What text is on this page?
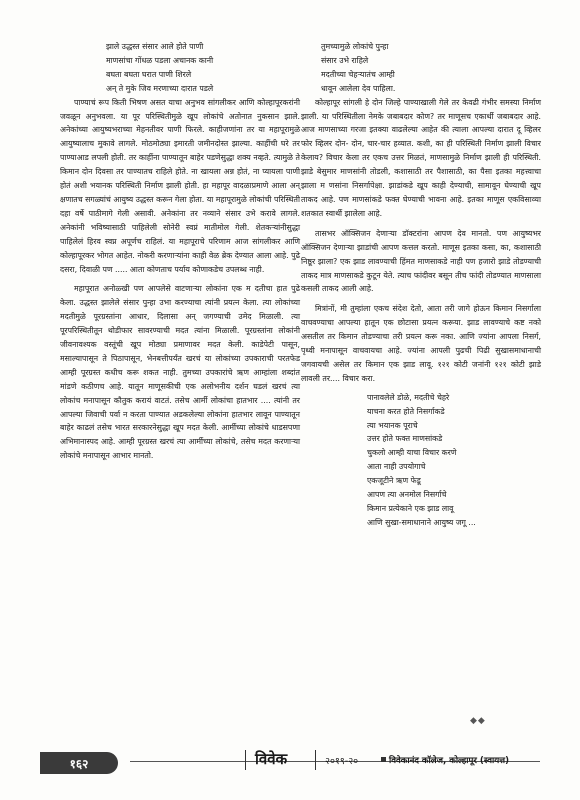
झाले उद्धस्त संसार आले होते पाणी
माणसांचा गोंधळ पडला अचानक कानी
बघता बघता घरात पाणी शिरले
अन् ते मुके जिव मरणाच्या दारात पडले

पाण्याचं रूप किती भिषण असत याचा अनुभव सांगलीकर आणि कोल्हापूरकरांनी जवळून अनुभवला. या पूर परिस्थितीमुळे खूप लोकांचे अतोनात नुकसान झाले. अनेकांच्या आयुष्यभराच्या मेहनतीवर पाणी फिरले. काहीजणांना तर या महापूरामुळे आयुष्यालाच मुकावे लागले. मोठमोठ्या इमारती जमीनदोस्त झाल्या. काहींची घरे तर पाण्याआड लपली होती. तर काहींना पाण्यातून बाहेर पडणेसुद्धा शक्य नव्हते. त्यामुळे ते किमान दोन दिवसा तर पाण्यातच राहिले होते. ना खायला अन्न होतं, ना प्यायला पाणी होतं अशी भयानक परिस्थिती निर्माण झाली होती. हा महापूर वादळाप्रमाणे आला अन् क्षणातच सगळ्यांचं आयुष्य उद्धस्त करून गेला होता. या महापूरामुळे लोकांची परिस्थिती दहा वर्षे पाठीमागे गेली असावी. अनेकांना तर नव्याने संसार उभे करावे लागले. अनेकांनी भविष्यासाठी पाहिलेली सोनेरी स्वप्नं मातीमोल गेली. शेतकऱ्यांनीसुद्धा पाहिलेलं हिरव स्वप्न अपूर्णच राहिलं. या महापूराचे परिणाम आज सांगलीकर आणि कोल्हापूरकर भोगत आहेत. नोकरी करणाऱ्यांना काही वेळ ब्रेक देण्यात आला आहे. पुढे दसरा, दिवाळी पण ..... आता कोणताच पर्याय कोणाकडेच उपलब्ध नाही.

महापूरात अनोळ्खी पण आपलेसे वाटणाऱ्या लोकांना एक म दतीचा हात पुढे केला. उद्धस्त झालेले संसार पुन्हा उभा करण्याचा त्यांनी प्रयत्न केला. त्या लोकांच्या मदतीमुळे पूरग्रस्तांना आधार, दिलासा अन् जगण्याची उमेद मिळाली. त्या पूरपरिस्थितीतून थोडीफार सावरण्याची मदत त्यांना मिळाली. पूरग्रस्तांना लोकांनी जीवनावश्यक वस्तूंची खूप मोठ्या प्रमाणावर मदत केली. काडेपेटी पासून, मसाल्यापासून ते पिठापासून, भेनबत्तीपर्यंत खरचं या लोकांच्या उपकाराची परतफेड आम्ही पूरग्रस्त कधीच करू शकत नाही. तुमच्या उपकारांचे ऋण आम्हांला शब्दांत मांडणे कठीणच आहे. यातून माणूसकीची एक अलोभनीय दर्शन घडलं खरचं त्या लोकांच मनापासून कौतुक करायं वाटतं. तसेच आर्मी लोकांचा हातभार .... त्यांनी तर आपल्या जिवाची पर्वा न करता पाण्यात अडकलेल्या लोकांना हातभार लावून पाण्यातून बाहेर काढलं तसेच भारत सरकारनेसुद्धा खूप मदत केली. आर्मीच्या लोकांचे धाडसपणा अभिमानास्पद आहे. आम्ही पूरग्रस्त खरचं त्या आर्मीच्या लोकांचे, तसेच मदत करणाऱ्या लोकांचे मनापासून आभार मानतो.

तुमच्यामुळे लोकांचे पुन्हा
संसार उभे राहिले
मदतीच्या चेहऱ्यातंच आम्ही
धावून आलेला देव पाहिला.

कोल्हापूर सांगली हे दोन जिल्हे पाण्याखाली गेले तर केवढी गंभीर समस्या निर्माण झाली. या परिस्थितीला नेमके जबाबदार कोण? तर माणूसच एकार्थी जबाबदार आहे. आज माणसाच्या गरजा इतक्या वाढलेल्या आहेत की त्याला आपल्या दारात दू व्हिलर फोर व्हिलर दोन- दोन, चार-चार हव्यात. कशी, का ही परिस्थिती निर्माण झाली विचार केलाय? विचार केला तर एकच उत्तर मिळतं, माणसामुळे निर्माण झाली ही परिस्थिती. झाडे बेसुमार माणसांनी तोडली, कशासाठी तर पैशासाठी, का पैसा इतका महत्त्वाचा झाला म णसांना निसर्गापेक्षा. झाडांकडे खूप काही देण्याची, सामावून घेण्याची खूप ताकद आहे. पण माणसांकडे फक्त घेण्याची भावना आहे. इतका माणूस एकविसाव्या शतकात स्वार्थी झालेला आहे.

तासभर ऑक्सिजन देणाऱ्या डॉक्टरांना आपण देव मानतो. पण आयुष्यभर ऑक्सिजन देणाऱ्या झाडांची आपण कत्तल करतो. माणूस इतका कसा, का, कशासाठी निष्ठूर झाला? एक झाड लावण्याची हिंमत माणसाकडे नाही पण हजारो झाडे तोडण्याची ताकद मात्र माणसाकडे कुटून येते. त्याच फांदीवर बसून तीच फांदी तोडण्यात माणसाला कसली ताकद आली आहे.

मित्रांनों, मी तुम्हांला एकच संदेश देतो, आता तरी जागे होऊन किमान निसर्गाला वाचवण्याचा आपल्या हातून एक छोटासा प्रयत्न करूया. झाड लावण्याचे कष्ट नको असतील तर किमान तोडण्याचा तरी प्रयत्न करू नका. आणि ज्यांना आपला निसर्ग, पृथ्वी मनापासून वाचवायचा आहे. ज्यांना आपली पुढची पिढी सुखासमाधानाची जगवायची असेल तर किमान एक झाड लावू. १२१ कोटी जनांनी १२१ कोटी झाडे लावली तर.... विचार करा.

पानावलेले डोळे, मदतीचे चेहरे
याचना करत होते निसर्गाकडे
त्या भयानक पूराचे
उत्तर होते फक्त माणसांकडे
चुकलो आम्ही याचा विचार करणे
आता नाही उपयोगाचे
एकजूटीने ऋण फेडू
आपण त्या अनमोल निसर्गाचे
किमान प्रत्येकाने एक झाड लावू
आणि सुखा-समाधानाने आयुष्य जगू ...
◆◆
१६२	विवेक	२०१९-२०	विवेकानंद कॉलेज, कोल्हापूर (स्वायत्त)
